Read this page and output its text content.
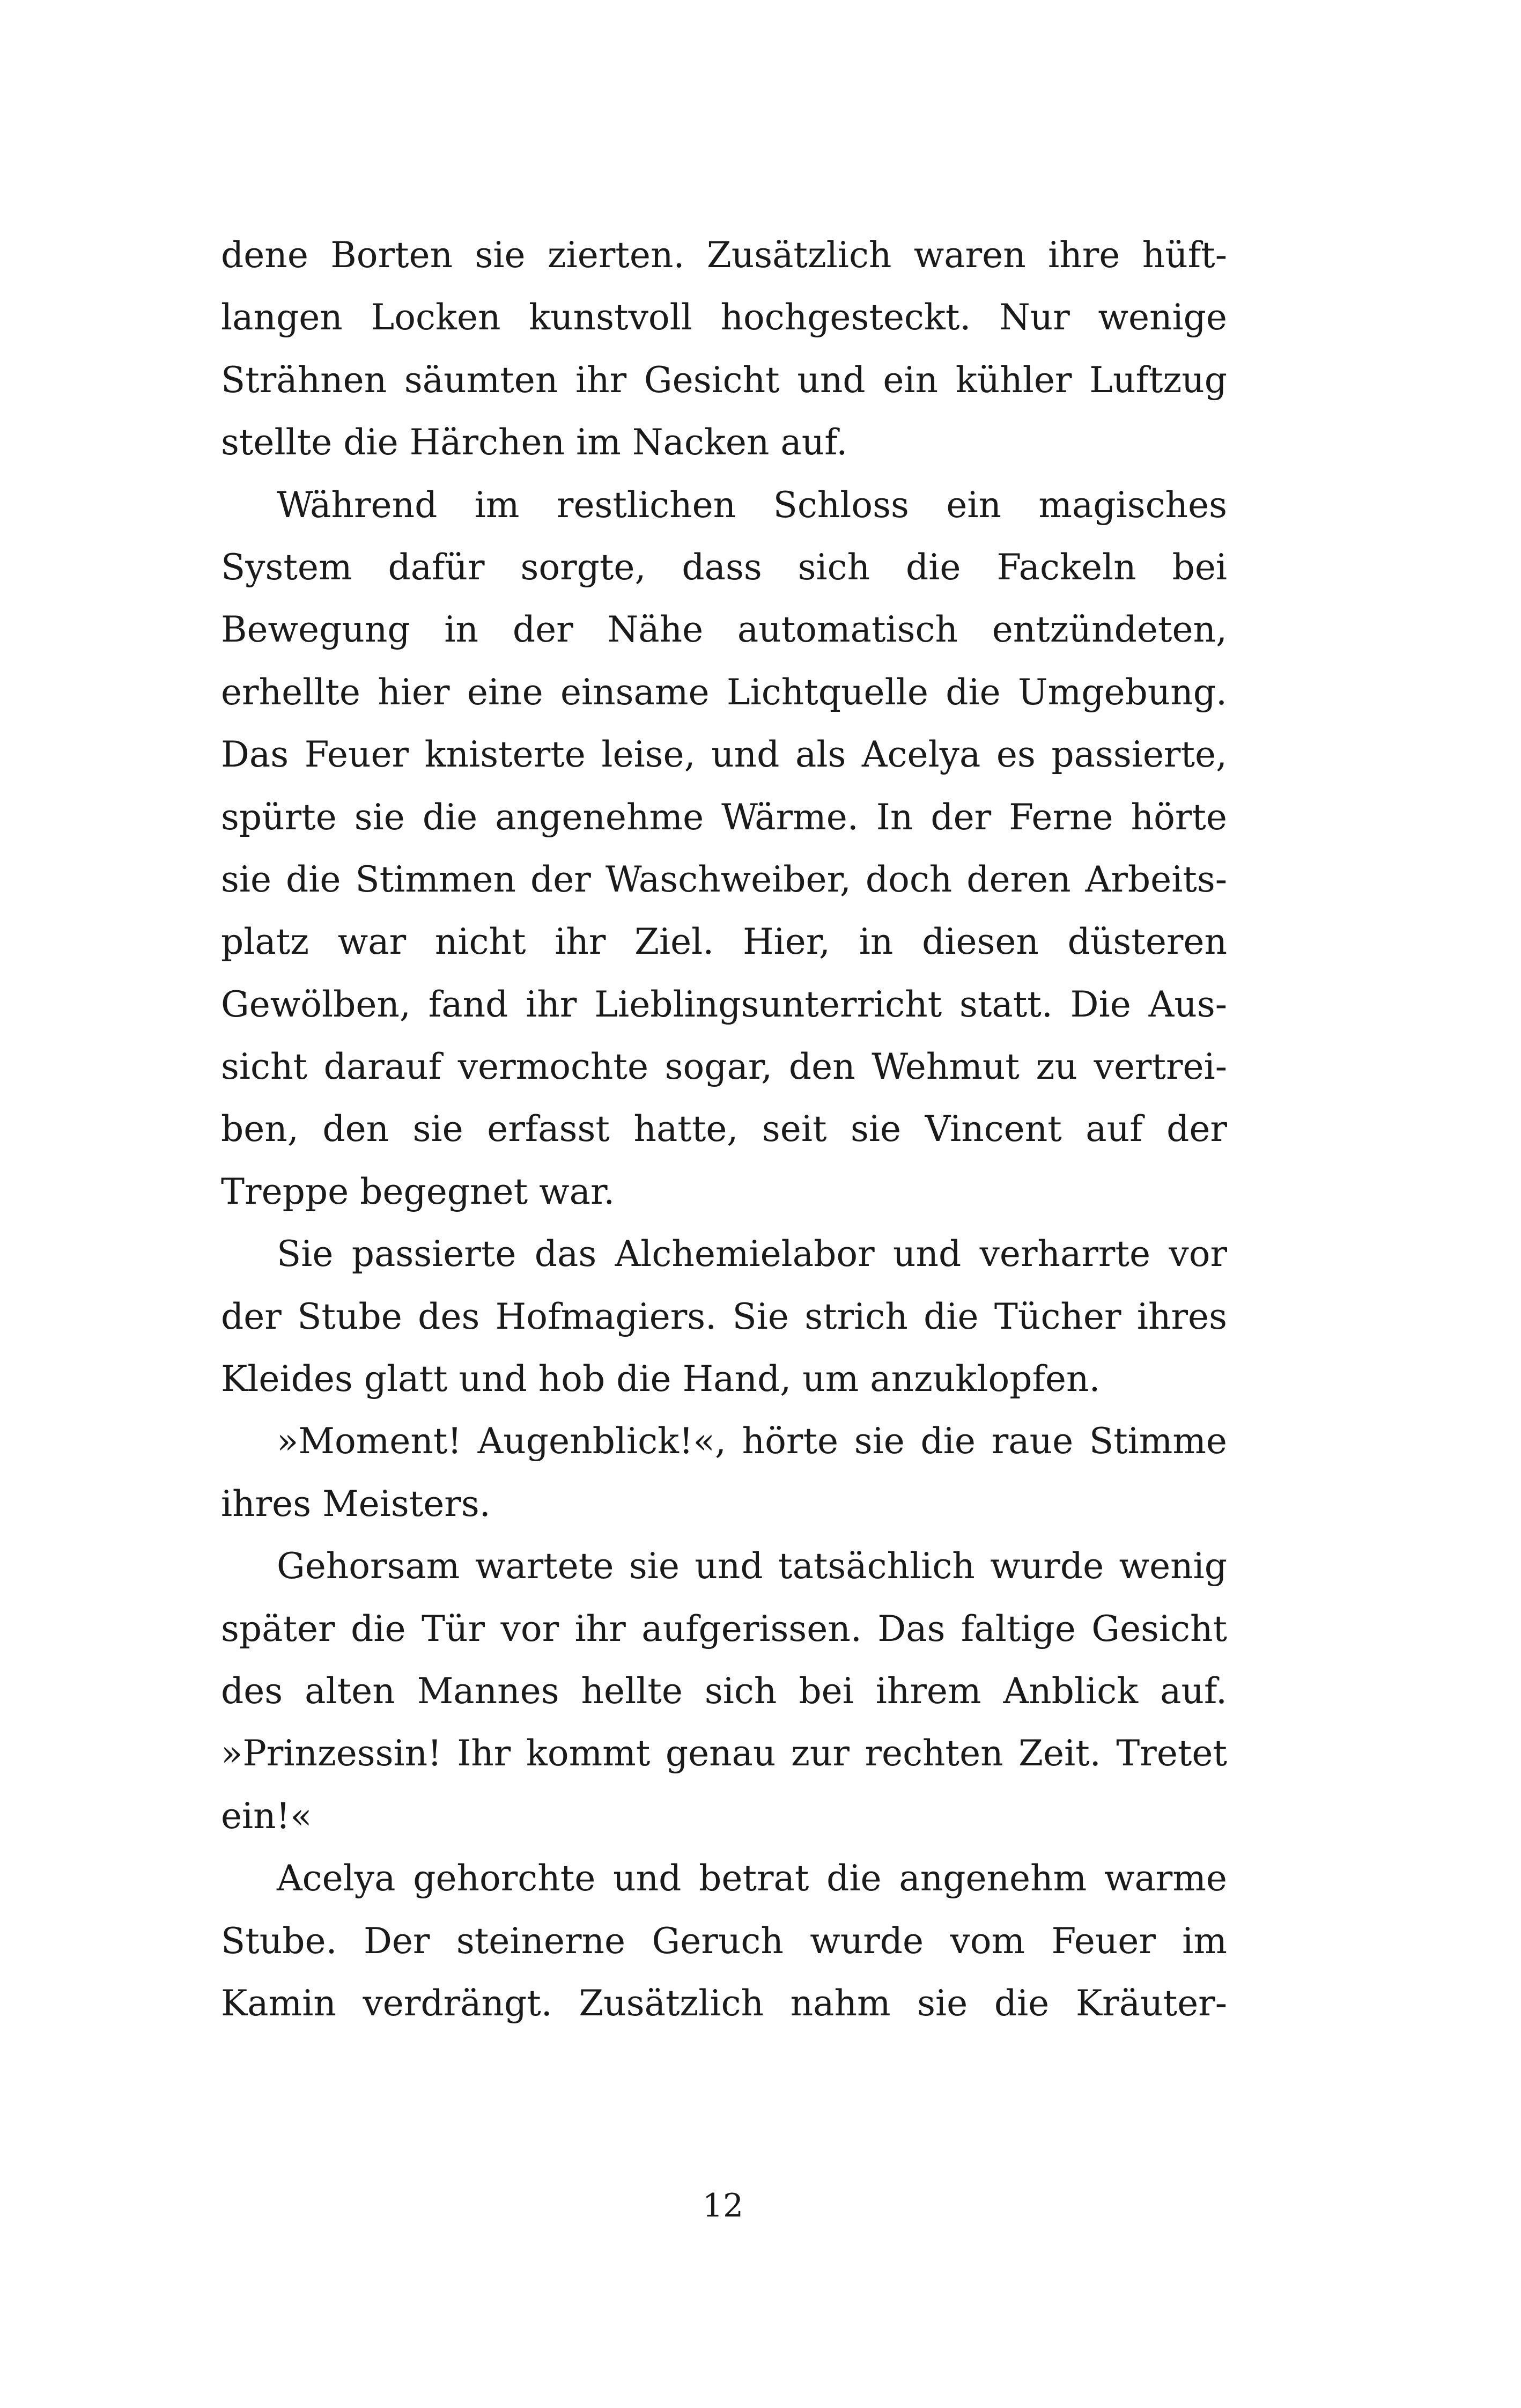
dene Borten sie zierten. Zusätzlich waren ihre hüft-
langen Locken kunstvoll hochgesteckt. Nur wenige
Strähnen säumten ihr Gesicht und ein kühler Luftzug
stellte die Härchen im Nacken auf.
Während im restlichen Schloss ein magisches
System dafür sorgte, dass sich die Fackeln bei
Bewegung in der Nähe automatisch entzündeten,
erhellte hier eine einsame Lichtquelle die Umgebung.
Das Feuer knisterte leise, und als Acelya es passierte,
spürte sie die angenehme Wärme. In der Ferne hörte
sie die Stimmen der Waschweiber, doch deren Arbeits-
platz war nicht ihr Ziel. Hier, in diesen düsteren
Gewölben, fand ihr Lieblingsunterricht statt. Die Aus-
sicht darauf vermochte sogar, den Wehmut zu vertrei-
ben, den sie erfasst hatte, seit sie Vincent auf der
Treppe begegnet war.
Sie passierte das Alchemielabor und verharrte vor
der Stube des Hofmagiers. Sie strich die Tücher ihres
Kleides glatt und hob die Hand, um anzuklopfen.
»Moment! Augenblick!«, hörte sie die raue Stimme
ihres Meisters.
Gehorsam wartete sie und tatsächlich wurde wenig
später die Tür vor ihr aufgerissen. Das faltige Gesicht
des alten Mannes hellte sich bei ihrem Anblick auf.
»Prinzessin! Ihr kommt genau zur rechten Zeit. Tretet
ein!«
Acelya gehorchte und betrat die angenehm warme
Stube. Der steinerne Geruch wurde vom Feuer im
Kamin verdrängt. Zusätzlich nahm sie die Kräuter-
12
